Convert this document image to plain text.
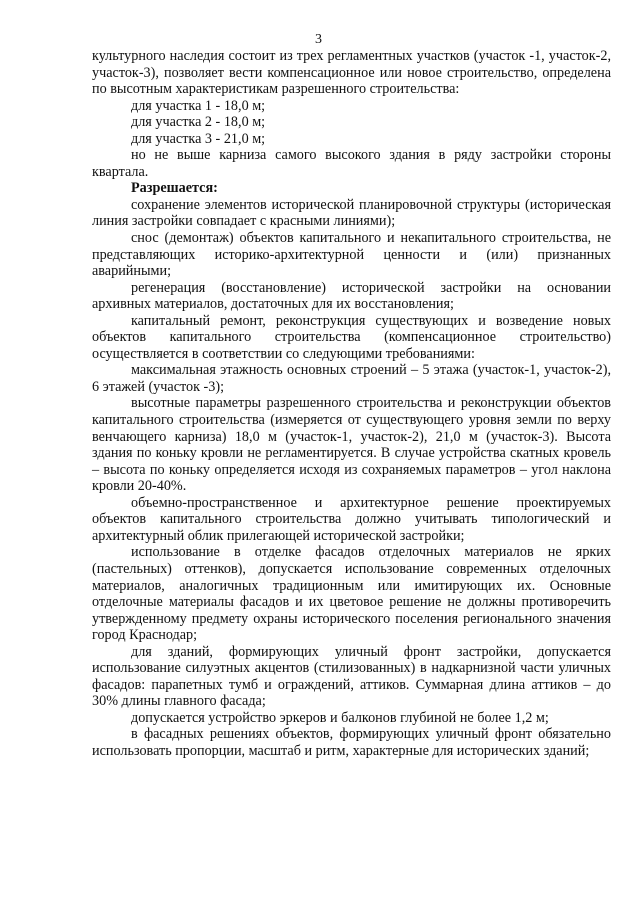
3

культурного наследия состоит из трех регламентных участков (участок -1, участок-2, участок-3), позволяет вести компенсационное или новое строительство, определена по высотным характеристикам разрешенного строительства:

для участка 1 - 18,0 м;

для участка 2 - 18,0 м;

для участка 3 - 21,0 м;

но не выше карниза самого высокого здания в ряду застройки стороны квартала.

Разрешается:

сохранение элементов исторической планировочной структуры (историческая линия застройки совпадает с красными линиями);

снос (демонтаж) объектов капитального и некапитального строительства, не представляющих историко-архитектурной ценности и (или) признанных аварийными;

регенерация (восстановление) исторической застройки на основании архивных материалов, достаточных для их восстановления;

капитальный ремонт, реконструкция существующих и возведение новых объектов капитального строительства (компенсационное строительство) осуществляется в соответствии со следующими требованиями:

максимальная этажность основных строений – 5 этажа (участок-1, участок-2), 6 этажей (участок -3);

высотные параметры разрешенного строительства и реконструкции объектов капитального строительства (измеряется от существующего уровня земли по верху венчающего карниза) 18,0 м (участок-1, участок-2), 21,0 м (участок-3). Высота здания по коньку кровли не регламентируется. В случае устройства скатных кровель – высота по коньку определяется исходя из сохраняемых параметров – угол наклона кровли 20-40%.

объемно-пространственное и архитектурное решение проектируемых объектов капитального строительства должно учитывать типологический и архитектурный облик прилегающей исторической застройки;

использование в отделке фасадов отделочных материалов не ярких (пастельных) оттенков), допускается использование современных отделочных материалов, аналогичных традиционным или имитирующих их. Основные отделочные материалы фасадов и их цветовое решение не должны противоречить утвержденному предмету охраны исторического поселения регионального значения город Краснодар;

для зданий, формирующих уличный фронт застройки, допускается использование силуэтных акцентов (стилизованных) в надкарнизной части уличных фасадов: парапетных тумб и ограждений, аттиков. Суммарная длина аттиков – до 30% длины главного фасада;

допускается устройство эркеров и балконов глубиной не более 1,2 м;

в фасадных решениях объектов, формирующих уличный фронт обязательно использовать пропорции, масштаб и ритм, характерные для исторических зданий;
